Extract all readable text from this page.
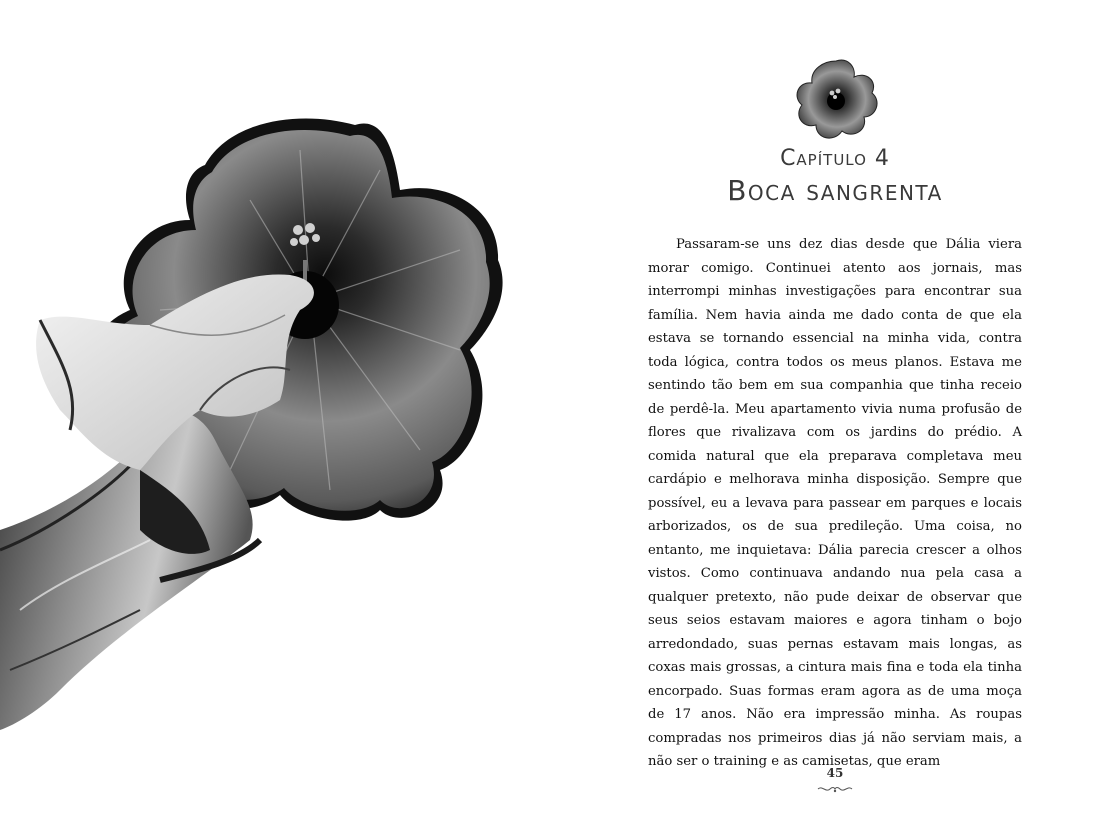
Capítulo 4
Boca sangrenta

Passaram-se uns dez dias desde que Dália viera morar comigo. Continuei atento aos jornais, mas interrompi minhas investigações para encontrar sua família. Nem havia ainda me dado conta de que ela estava se tornando essencial na minha vida, contra toda lógica, contra todos os meus planos. Estava me sentindo tão bem em sua companhia que tinha receio de perdê-la. Meu apartamento vivia numa profusão de flores que rivalizava com os jardins do prédio. A comida natural que ela preparava completava meu cardápio e melhorava minha disposição. Sempre que possível, eu a levava para passear em parques e locais arborizados, os de sua predileção. Uma coisa, no entanto, me inquietava: Dália parecia crescer a olhos vistos. Como continuava andando nua pela casa a qualquer pretexto, não pude deixar de observar que seus seios estavam maiores e agora tinham o bojo arredondado, suas pernas estavam mais longas, as coxas mais grossas, a cintura mais fina e toda ela tinha encorpado. Suas formas eram agora as de uma moça de 17 anos. Não era impressão minha. As roupas compradas nos primeiros dias já não serviam mais, a não ser o training e as camisetas, que eram

45
